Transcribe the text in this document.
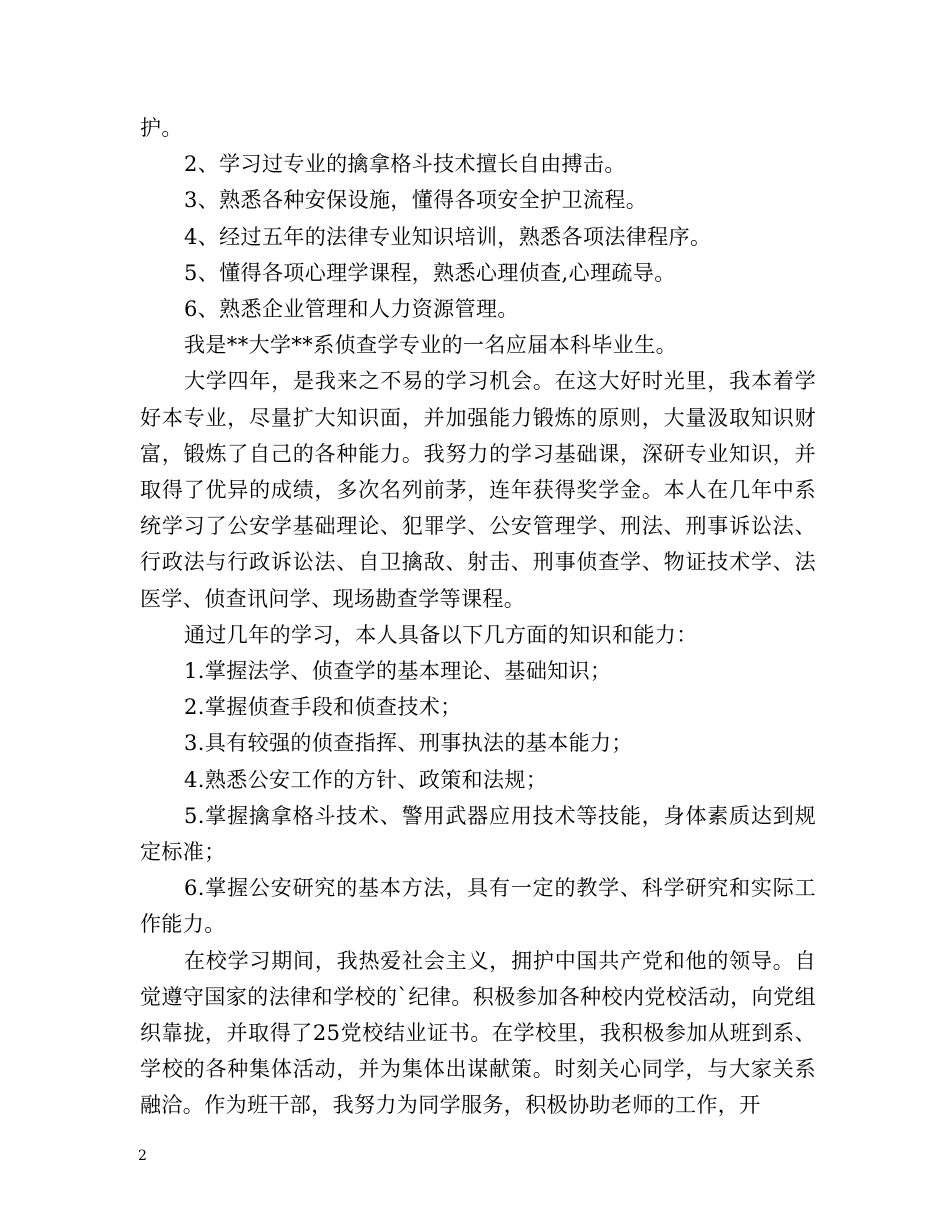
护。

2、学习过专业的擒拿格斗技术擅长自由搏击。

3、熟悉各种安保设施，懂得各项安全护卫流程。

4、经过五年的法律专业知识培训，熟悉各项法律程序。

5、懂得各项心理学课程，熟悉心理侦查,心理疏导。

6、熟悉企业管理和人力资源管理。

我是**大学**系侦查学专业的一名应届本科毕业生。

大学四年，是我来之不易的学习机会。在这大好时光里，我本着学好本专业，尽量扩大知识面，并加强能力锻炼的原则，大量汲取知识财富，锻炼了自己的各种能力。我努力的学习基础课，深研专业知识，并取得了优异的成绩，多次名列前茅，连年获得奖学金。本人在几年中系统学习了公安学基础理论、犯罪学、公安管理学、刑法、刑事诉讼法、行政法与行政诉讼法、自卫擒敌、射击、刑事侦查学、物证技术学、法医学、侦查讯问学、现场勘查学等课程。

通过几年的学习，本人具备以下几方面的知识和能力：

1.掌握法学、侦查学的基本理论、基础知识；

2.掌握侦查手段和侦查技术；

3.具有较强的侦查指挥、刑事执法的基本能力；

4.熟悉公安工作的方针、政策和法规；

5.掌握擒拿格斗技术、警用武器应用技术等技能，身体素质达到规定标准；

6.掌握公安研究的基本方法，具有一定的教学、科学研究和实际工作能力。

在校学习期间，我热爱社会主义，拥护中国共产党和他的领导。自觉遵守国家的法律和学校的`纪律。积极参加各种校内党校活动，向党组织靠拢，并取得了25党校结业证书。在学校里，我积极参加从班到系、学校的各种集体活动，并为集体出谋献策。时刻关心同学，与大家关系融洽。作为班干部，我努力为同学服务，积极协助老师的工作，开

2
